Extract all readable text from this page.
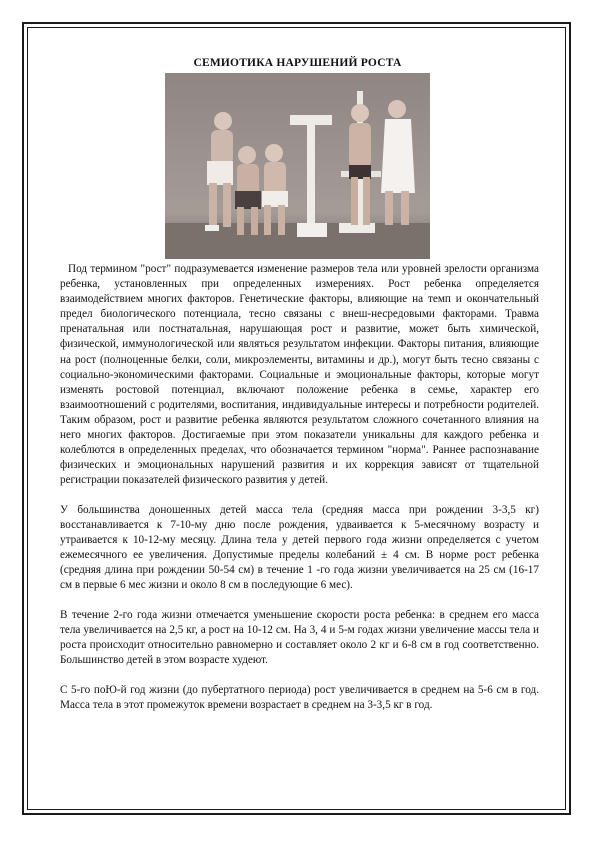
СЕМИОТИКА НАРУШЕНИЙ РОСТА

Под термином "рост" подразумевается изменение размеров тела или уровней зрелости организма ребенка, установленных при определенных измерениях. Рост ребенка определяется взаимодействием многих факторов. Генетические факторы, влияющие на темп и окончательный предел биологического потенциала, тесно связаны с внеш-несредовыми факторами. Травма пренатальная или постнатальная, нарушающая рост и развитие, может быть химической, физической, иммунологической или являться результатом инфекции. Факторы питания, влияющие на рост (полноценные белки, соли, микроэлементы, витамины и др.), могут быть тесно связаны с социально-экономическими факторами. Социальные и эмоциональные факторы, которые могут изменять ростовой потенциал, включают положение ребенка в семье, характер его взаимоотношений с родителями, воспитания, индивидуальные интересы и потребности родителей. Таким образом, рост и развитие ребенка являются результатом сложного сочетанного влияния на него многих факторов. Достигаемые при этом показатели уникальны для каждого ребенка и колеблются в определенных пределах, что обозначается термином "норма". Раннее распознавание физических и эмоциональных нарушений развития и их коррекция зависят от тщательной регистрации показателей физического развития у детей.

У большинства доношенных детей масса тела (средняя масса при рождении 3-3,5 кг) восстанавливается к 7-10-му дню после рождения, удваивается к 5-месячному возрасту и утраивается к 10-12-му месяцу. Длина тела у детей первого года жизни определяется с учетом ежемесячного ее увеличения. Допустимые пределы колебаний ± 4 см. В норме рост ребенка (средняя длина при рождении 50-54 см) в течение 1 -го года жизни увеличивается на 25 см (16-17 см в первые 6 мес жизни и около 8 см в последующие 6 мес).

В течение 2-го года жизни отмечается уменьшение скорости роста ребенка: в среднем его масса тела увеличивается на 2,5 кг, а рост на 10-12 см. На 3, 4 и 5-м годах жизни увеличение массы тела и роста происходит относительно равномерно и составляет около 2 кг и 6-8 см в год соответственно. Большинство детей в этом возрасте худеют.

С 5-го поЮ-й год жизни (до пубертатного периода) рост увеличивается в среднем на 5-6 см в год. Масса тела в этот промежуток времени возрастает в среднем на 3-3,5 кг в год.
